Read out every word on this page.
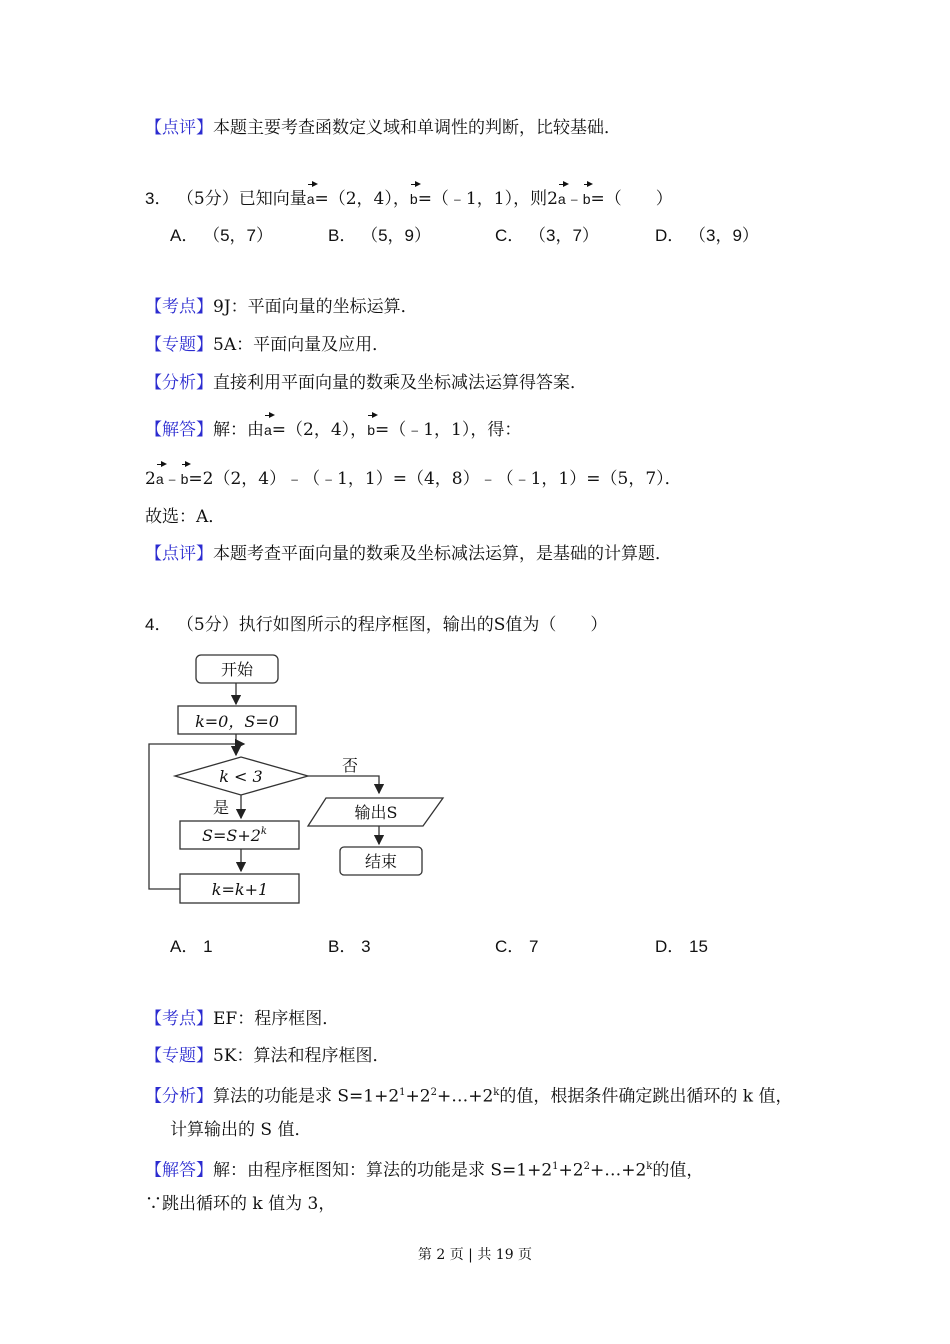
【点评】本题主要考查函数定义域和单调性的判断，比较基础．
3． （5分）已知向量a=（2，4），b=（﹣1，1），则2a﹣b=（　　）
A． （5，7）	B． （5，9）	C． （3，7）	D． （3，9）
【考点】9J：平面向量的坐标运算．
【专题】5A：平面向量及应用．
【分析】直接利用平面向量的数乘及坐标减法运算得答案．
【解答】解：由a=（2，4），b=（﹣1，1），得：
2a﹣b=2（2，4）﹣（﹣1，1）=（4，8）﹣（﹣1，1）=（5，7）．
故选：A．
【点评】本题考查平面向量的数乘及坐标减法运算，是基础的计算题．
4． （5分）执行如图所示的程序框图，输出的S值为（　　）
开始
k=0，S=0
k < 3
否
是
$S=S+2^k$
k=k+1
输出S
结束
A． 1	B． 3	C． 7	D． 15
【考点】EF：程序框图．
【专题】5K：算法和程序框图．
【分析】算法的功能是求 $S=1+2^1+2^2+\dots+2^k$的值，根据条件确定跳出循环的 k 值，
计算输出的 S 值．
【解答】解：由程序框图知：算法的功能是求 $S=1+2^1+2^2+\dots+2^k$的值，
∵跳出循环的 k 值为 3，
第 2 页 | 共 19 页
